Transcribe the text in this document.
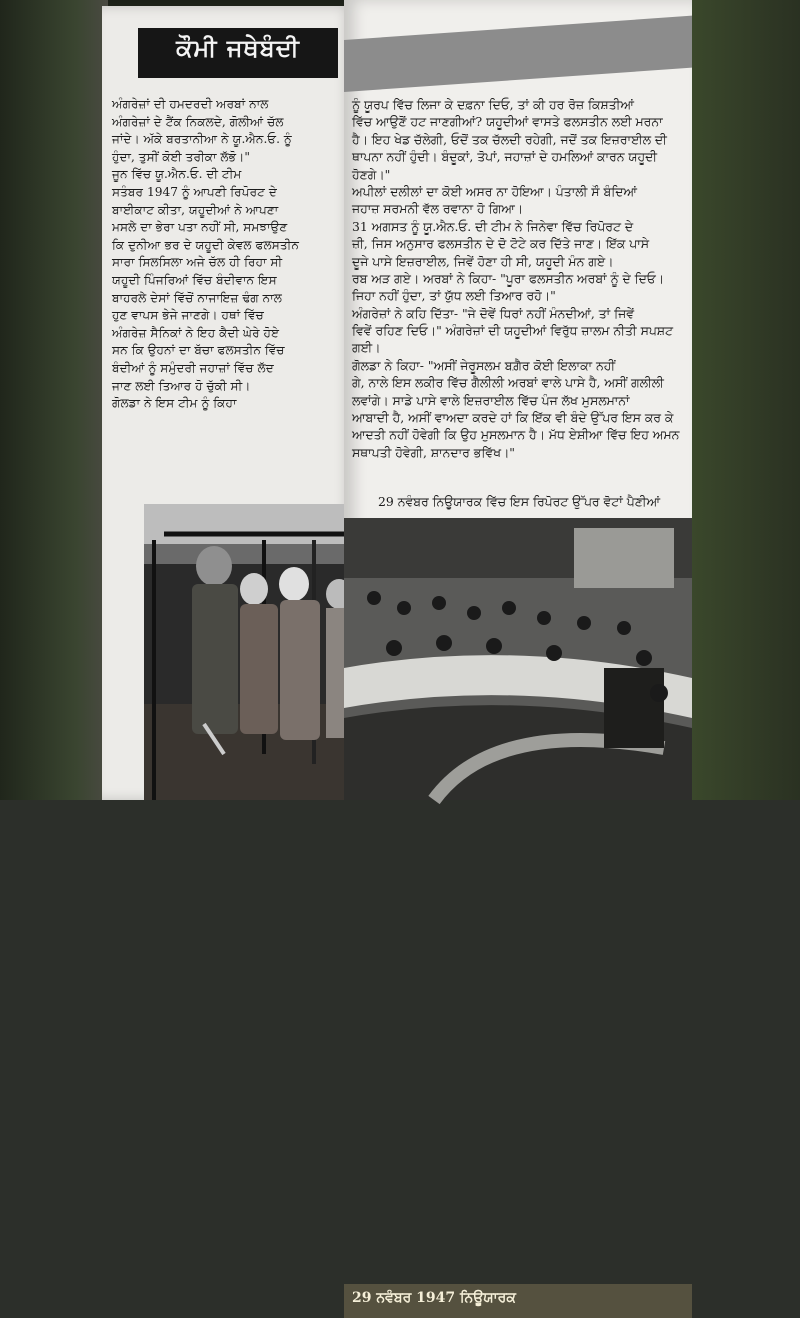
ਕੌਮੀ ਜਥੇਬੰਦੀ
ਅੰਗਰੇਜ਼ਾਂ ਦੀ ਹਮਦਰਦੀ ਅਰਬਾਂ ਨਾਲ
ਅੰਗਰੇਜ਼ਾਂ ਦੇ ਟੈਂਕ ਨਿਕਲਦੇ, ਗੋਲੀਆਂ ਚੱਲ
ਜਾਂਦੇ। ਅੱਕੇ ਬਰਤਾਨੀਆ ਨੇ ਯੂ.ਐਨ.ਓ. ਨੂੰ
ਹੁੰਦਾ, ਤੁਸੀਂ ਕੋਈ ਤਰੀਕਾ ਲੱਭੋ।"
ਜੂਨ ਵਿੱਚ ਯੂ.ਐਨ.ਓ. ਦੀ ਟੀਮ
ਸਤੰਬਰ 1947 ਨੂੰ ਆਪਣੀ ਰਿਪੋਰਟ ਦੇ
ਬਾਈਕਾਟ ਕੀਤਾ, ਯਹੂਦੀਆਂ ਨੇ ਆਪਣਾ
ਮਸਲੇ ਦਾ ਭੇਰਾ ਪਤਾ ਨਹੀਂ ਸੀ, ਸਮਝਾਉਣ
ਕਿ ਦੁਨੀਆ ਭਰ ਦੇ ਯਹੂਦੀ ਕੇਵਲ ਫਲਸਤੀਨ
ਸਾਰਾ ਸਿਲਸਿਲਾ ਅਜੇ ਚੱਲ ਹੀ ਰਿਹਾ ਸੀ
ਯਹੂਦੀ ਪਿੰਜਰਿਆਂ ਵਿੱਚ ਬੰਦੀਵਾਨ ਇਸ
ਬਾਹਰਲੇ ਦੇਸਾਂ ਵਿੱਚੋਂ ਨਾਜਾਇਜ਼ ਢੰਗ ਨਾਲ
ਹੁਣ ਵਾਪਸ ਭੇਜੇ ਜਾਣਗੇ। ਹਥਾਂ ਵਿੱਚ
ਅੰਗਰੇਜ਼ ਸੈਨਿਕਾਂ ਨੇ ਇਹ ਕੈਦੀ ਘੇਰੇ ਹੋਏ
ਸਨ ਕਿ ਉਹਨਾਂ ਦਾ ਬੱਚਾ ਫਲਸਤੀਨ ਵਿੱਚ
ਬੰਦੀਆਂ ਨੂੰ ਸਮੁੰਦਰੀ ਜਹਾਜ਼ਾਂ ਵਿੱਚ ਲੱਦ
ਜਾਣ ਲਈ ਤਿਆਰ ਹੋ ਚੁੱਕੀ ਸੀ।
ਗੋਲਡਾ ਨੇ ਇਸ ਟੀਮ ਨੂੰ ਕਿਹਾ
ਨੂੰ ਯੂਰਪ ਵਿੱਚ ਲਿਜਾ ਕੇ ਦਫ਼ਨਾ ਦਿਓ, ਤਾਂ ਕੀ ਹਰ ਰੋਜ਼ ਕਿਸ਼ਤੀਆਂ
ਵਿੱਚ ਆਉਣੋਂ ਹਟ ਜਾਣਗੀਆਂ? ਯਹੂਦੀਆਂ ਵਾਸਤੇ ਫਲਸਤੀਨ ਲਈ ਮਰਨਾ
ਹੈ। ਇਹ ਖੇਡ ਚੱਲੇਗੀ, ਓਦੋਂ ਤਕ ਚੱਲਦੀ ਰਹੇਗੀ, ਜਦੋਂ ਤਕ ਇਜ਼ਰਾਈਲ ਦੀ
ਥਾਪਨਾ ਨਹੀਂ ਹੁੰਦੀ। ਬੰਦੂਕਾਂ, ਤੋਪਾਂ, ਜਹਾਜ਼ਾਂ ਦੇ ਹਮਲਿਆਂ ਕਾਰਨ ਯਹੂਦੀ
ਹੋਣਗੇ।"
ਅਪੀਲਾਂ ਦਲੀਲਾਂ ਦਾ ਕੋਈ ਅਸਰ ਨਾ ਹੋਇਆ। ਪੰਤਾਲੀ ਸੌ ਬੰਦਿਆਂ
ਜਹਾਜ਼ ਸਰਮਨੀ ਵੱਲ ਰਵਾਨਾ ਹੋ ਗਿਆ।
31 ਅਗਸਤ ਨੂੰ ਯੂ.ਐਨ.ਓ. ਦੀ ਟੀਮ ਨੇ ਜਿਨੇਵਾ ਵਿੱਚ ਰਿਪੋਰਟ ਦੇ
ਜ਼ੀ, ਜਿਸ ਅਨੁਸਾਰ ਫਲਸਤੀਨ ਦੇ ਦੋ ਟੋਟੇ ਕਰ ਦਿੱਤੇ ਜਾਣ। ਇੱਕ ਪਾਸੇ
ਦੂਜੇ ਪਾਸੇ ਇਜ਼ਰਾਈਲ, ਜਿਵੇਂ ਹੋਣਾ ਹੀ ਸੀ, ਯਹੂਦੀ ਮੰਨ ਗਏ।
ਰਬ ਅੜ ਗਏ। ਅਰਬਾਂ ਨੇ ਕਿਹਾ- "ਪੂਰਾ ਫਲਸਤੀਨ ਅਰਬਾਂ ਨੂੰ ਦੇ ਦਿਓ।
ਜਿਹਾ ਨਹੀਂ ਹੁੰਦਾ, ਤਾਂ ਯੁੱਧ ਲਈ ਤਿਆਰ ਰਹੋ।"
ਅੰਗਰੇਜ਼ਾਂ ਨੇ ਕਹਿ ਦਿੱਤਾ- "ਜੇ ਦੋਵੇਂ ਧਿਰਾਂ ਨਹੀਂ ਮੰਨਦੀਆਂ, ਤਾਂ ਜਿਵੇਂ
ਵਿਵੇਂ ਰਹਿਣ ਦਿਓ।" ਅੰਗਰੇਜ਼ਾਂ ਦੀ ਯਹੂਦੀਆਂ ਵਿਰੁੱਧ ਜ਼ਾਲਮ ਨੀਤੀ ਸਪਸ਼ਟ
ਗਈ।
ਗੋਲਡਾ ਨੇ ਕਿਹਾ- "ਅਸੀਂ ਜੇਰੂਸਲਮ ਬਗ਼ੈਰ ਕੋਈ ਇਲਾਕਾ ਨਹੀਂ
ਗੇ, ਨਾਲੇ ਇਸ ਲਕੀਰ ਵਿੱਚ ਗੈਲੀਲੀ ਅਰਬਾਂ ਵਾਲੇ ਪਾਸੇ ਹੈ, ਅਸੀਂ ਗਲੀਲੀ
ਲਵਾਂਗੇ। ਸਾਡੇ ਪਾਸੇ ਵਾਲੇ ਇਜ਼ਰਾਈਲ ਵਿੱਚ ਪੰਜ ਲੱਖ ਮੁਸਲਮਾਨਾਂ
ਆਬਾਦੀ ਹੈ, ਅਸੀਂ ਵਾਅਦਾ ਕਰਦੇ ਹਾਂ ਕਿ ਇੱਕ ਵੀ ਬੰਦੇ ਉੱਪਰ ਇਸ ਕਰ ਕੇ
ਆਦਤੀ ਨਹੀਂ ਹੋਵੇਗੀ ਕਿ ਉਹ ਮੁਸਲਮਾਨ ਹੈ। ਮੱਧ ਏਸ਼ੀਆ ਵਿੱਚ ਇਹ ਅਮਨ
ਸਥਾਪਤੀ ਹੋਵੇਗੀ, ਸ਼ਾਨਦਾਰ ਭਵਿੱਖ।"
29 ਨਵੰਬਰ ਨਿਊਯਾਰਕ ਵਿੱਚ ਇਸ ਰਿਪੋਰਟ ਉੱਪਰ ਵੋਟਾਂ ਪੈਣੀਆਂ
29 ਨਵੰਬਰ 1947 ਨਿਊਯਾਰਕ
